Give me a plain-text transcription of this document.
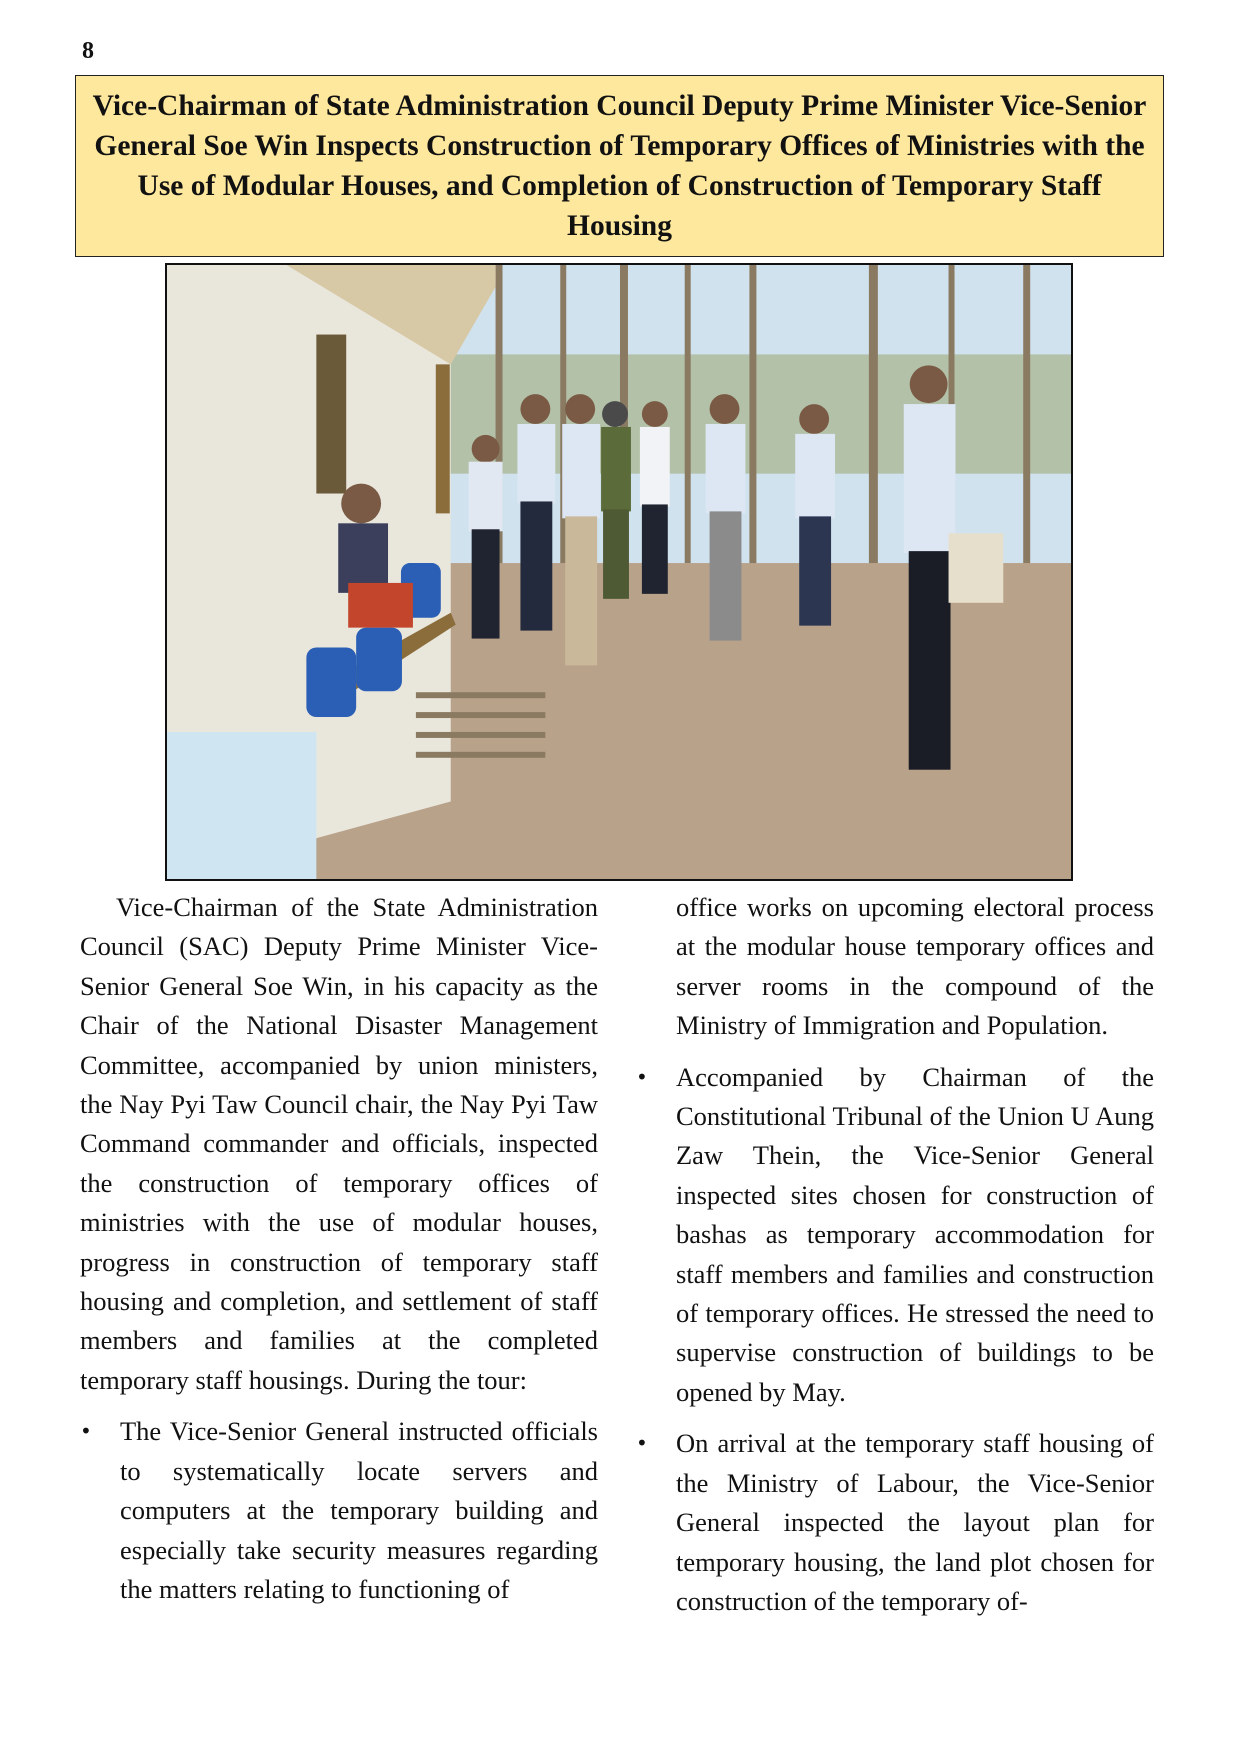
8
Vice-Chairman of State Administration Council Deputy Prime Minister Vice-Senior General Soe Win Inspects Construction of Temporary Offices of Ministries with the Use of Modular Houses, and Completion of Construction of Temporary Staff Housing

Vice-Chairman of the State Administration Council (SAC) Deputy Prime Minister Vice-Senior General Soe Win, in his capacity as the Chair of the National Disaster Management Committee, accompanied by union ministers, the Nay Pyi Taw Council chair, the Nay Pyi Taw Command commander and officials, inspected the construction of temporary offices of ministries with the use of modular houses, progress in construction of temporary staff housing and completion, and settlement of staff members and families at the completed temporary staff housings. During the tour:

• The Vice-Senior General instructed officials to systematically locate servers and computers at the temporary building and especially take security measures regarding the matters relating to functioning of

office works on upcoming electoral process at the modular house temporary offices and server rooms in the compound of the Ministry of Immigration and Population.

• Accompanied by Chairman of the Constitutional Tribunal of the Union U Aung Zaw Thein, the Vice-Senior General inspected sites chosen for construction of bashas as temporary accommodation for staff members and families and construction of temporary offices. He stressed the need to supervise construction of buildings to be opened by May.
• On arrival at the temporary staff housing of the Ministry of Labour, the Vice-Senior General inspected the layout plan for temporary housing, the land plot chosen for construction of the temporary of-
